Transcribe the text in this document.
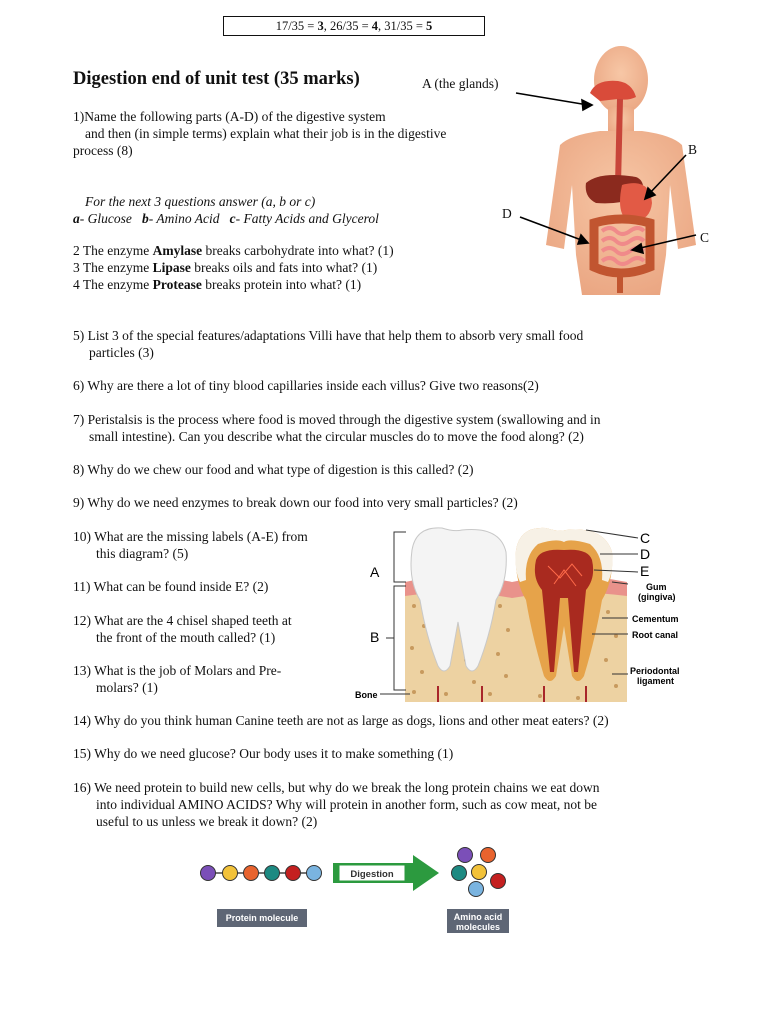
17/35 = 3, 26/35 = 4, 31/35 = 5
Digestion end of unit test (35 marks)	A (the glands)
B
C
D
1)Name the following parts (A-D) of the digestive system
and then (in simple terms) explain what their job is in the digestive
process (8)
For the next 3 questions answer (a, b or c)
a- Glucose b- Amino Acid c- Fatty Acids and Glycerol
2 The enzyme Amylase breaks carbohydrate into what? (1)
3 The enzyme Lipase breaks oils and fats into what? (1)
4 The enzyme Protease breaks protein into what? (1)
5) List 3 of the special features/adaptations Villi have that help them to absorb very small food
particles (3)
6) Why are there a lot of tiny blood capillaries inside each villus? Give two reasons(2)
7) Peristalsis is the process where food is moved through the digestive system (swallowing and in
small intestine). Can you describe what the circular muscles do to move the food along? (2)
8) Why do we chew our food and what type of digestion is this called? (2)
9) Why do we need enzymes to break down our food into very small particles? (2)
10) What are the missing labels (A-E) from
this diagram? (5)
11) What can be found inside E? (2)
12) What are the 4 chisel shaped teeth at
the front of the mouth called? (1)
13) What is the job of Molars and Pre-
molars? (1)
A
B
C
D
E
Gum
(gingiva)
Cementum
Root canal
Periodontal
ligament
Bone
14) Why do you think human Canine teeth are not as large as dogs, lions and other meat eaters? (2)
15) Why do we need glucose? Our body uses it to make something (1)
16) We need protein to build new cells, but why do we break the long protein chains we eat down
into individual AMINO ACIDS? Why will protein in another form, such as cow meat, not be
useful to us unless we break it down? (2)
Digestion
Protein molecule	Amino acid
molecules
